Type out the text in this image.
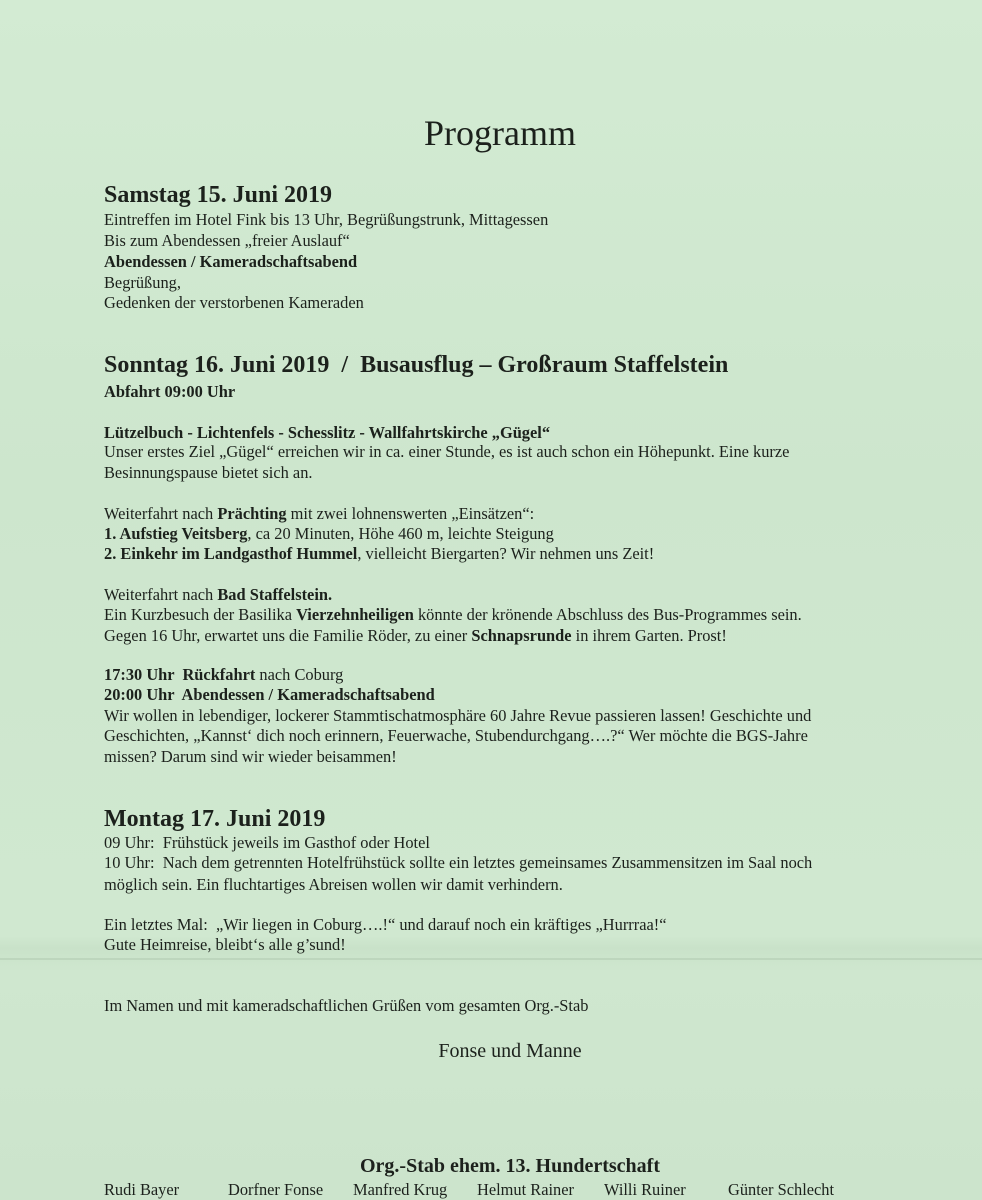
Programm
Samstag 15. Juni 2019
Eintreffen im Hotel Fink bis 13 Uhr, Begrüßungstrunk, Mittagessen
Bis zum Abendessen „freier Auslauf“
Abendessen / Kameradschaftsabend
Begrüßung,
Gedenken der verstorbenen Kameraden
Sonntag 16. Juni 2019  /  Busausflug – Großraum Staffelstein
Abfahrt 09:00 Uhr
Lützelbuch - Lichtenfels - Schesslitz - Wallfahrtskirche „Gügel“
Unser erstes Ziel „Gügel“ erreichen wir in ca. einer Stunde, es ist auch schon ein Höhepunkt. Eine kurze
Besinnungspause bietet sich an.
Weiterfahrt nach Prächting mit zwei lohnenswerten „Einsätzen“:
1. Aufstieg Veitsberg, ca 20 Minuten, Höhe 460 m, leichte Steigung
2. Einkehr im Landgasthof Hummel, vielleicht Biergarten? Wir nehmen uns Zeit!
Weiterfahrt nach Bad Staffelstein.
Ein Kurzbesuch der Basilika Vierzehnheiligen könnte der krönende Abschluss des Bus-Programmes sein.
Gegen 16 Uhr, erwartet uns die Familie Röder, zu einer Schnapsrunde in ihrem Garten. Prost!
17:30 Uhr  Rückfahrt nach Coburg
20:00 Uhr  Abendessen / Kameradschaftsabend
Wir wollen in lebendiger, lockerer Stammtischatmosphäre 60 Jahre Revue passieren lassen! Geschichte und
Geschichten, „Kannst‘ dich noch erinnern, Feuerwache, Stubendurchgang….?“ Wer möchte die BGS-Jahre
missen? Darum sind wir wieder beisammen!
Montag 17. Juni 2019
09 Uhr:  Frühstück jeweils im Gasthof oder Hotel
10 Uhr:  Nach dem getrennten Hotelfrühstück sollte ein letztes gemeinsames Zusammensitzen im Saal noch
möglich sein. Ein fluchtartiges Abreisen wollen wir damit verhindern.
Ein letztes Mal:  „Wir liegen in Coburg….!“ und darauf noch ein kräftiges „Hurrraa!“
Gute Heimreise, bleibt‘s alle g’sund!
Im Namen und mit kameradschaftlichen Grüßen vom gesamten Org.-Stab
Fonse und Manne
Org.-Stab ehem. 13. Hundertschaft
Rudi Bayer	Dorfner Fonse Manfred Krug Helmut Rainer Willi Ruiner	Günter Schlecht
